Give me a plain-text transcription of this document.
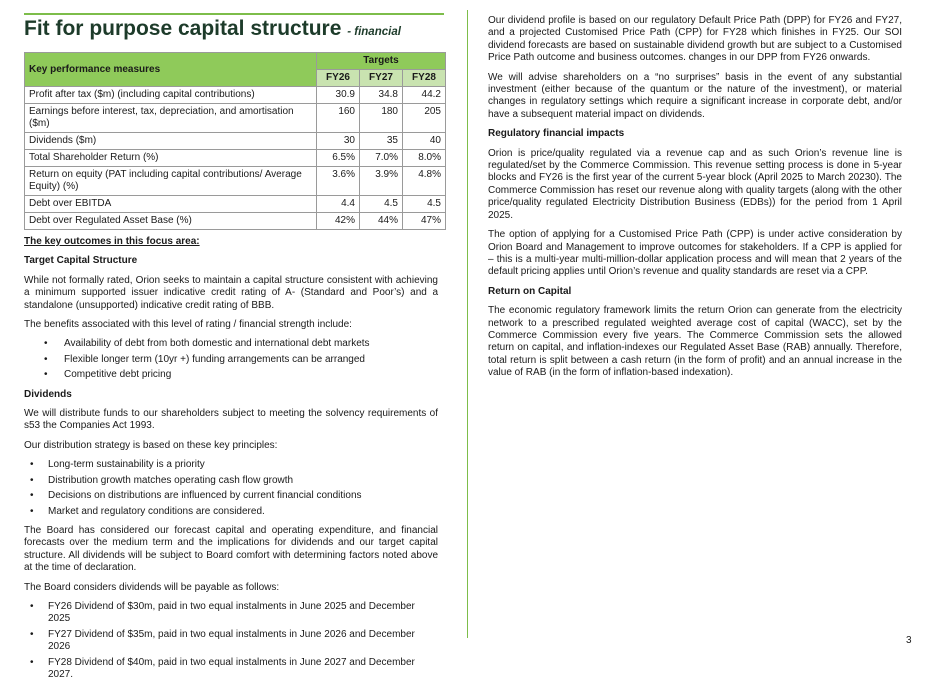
Fit for purpose capital structure - financial
Key performance measures	Targets		
	FY26	FY27	FY28
Profit after tax ($m) (including capital contributions)	30.9	34.8	44.2
Earnings before interest, tax, depreciation, and amortisation ($m)	160	180	205
Dividends ($m)	30	35	40
Total Shareholder Return (%)	6.5%	7.0%	8.0%
Return on equity (PAT including capital contributions/ Average Equity) (%)	3.6%	3.9%	4.8%
Debt over EBITDA	4.4	4.5	4.5
Debt over Regulated Asset Base (%)	42%	44%	47%

The key outcomes in this focus area:

Target Capital Structure

While not formally rated, Orion seeks to maintain a capital structure consistent with achieving a minimum supported issuer indicative credit rating of A- (Standard and Poor’s) and a standalone (unsupported) indicative credit rating of BBB.

The benefits associated with this level of rating / financial strength include:

• Availability of debt from both domestic and international debt markets
• Flexible longer term (10yr +) funding arrangements can be arranged
• Competitive debt pricing

Dividends

We will distribute funds to our shareholders subject to meeting the solvency requirements of s53 the Companies Act 1993.

Our distribution strategy is based on these key principles:

• Long-term sustainability is a priority
• Distribution growth matches operating cash flow growth
• Decisions on distributions are influenced by current financial conditions
• Market and regulatory conditions are considered.

The Board has considered our forecast capital and operating expenditure, and financial forecasts over the medium term and the implications for dividends and our target capital structure. All dividends will be subject to Board comfort with determining factors noted above at the time of declaration.

The Board considers dividends will be payable as follows:

• FY26 Dividend of $30m, paid in two equal instalments in June 2025 and December 2025
• FY27 Dividend of $35m, paid in two equal instalments in June 2026 and December 2026
• FY28 Dividend of $40m, paid in two equal instalments in June 2027 and December 2027.

Our dividend profile is based on our regulatory Default Price Path (DPP) for FY26 and FY27, and a projected Customised Price Path (CPP) for FY28 which finishes in FY25. Our SOI dividend forecasts are based on sustainable dividend growth but are subject to a Customised Price Path outcome and business outcomes. changes in our DPP from FY26 onwards.

We will advise shareholders on a “no surprises” basis in the event of any substantial investment (either because of the quantum or the nature of the investment), or material changes in regulatory settings which require a significant increase in corporate debt, and/or have a subsequent material impact on dividends.

Regulatory financial impacts

Orion is price/quality regulated via a revenue cap and as such Orion’s revenue line is regulated/set by the Commerce Commission. This revenue setting process is done in 5-year blocks and FY26 is the first year of the current 5-year block (April 2025 to March 20230). The Commerce Commission has reset our revenue along with quality targets (along with the other price/quality regulated Electricity Distribution Business (EDBs)) for the period from 1 April 2025.

The option of applying for a Customised Price Path (CPP) is under active consideration by Orion Board and Management to improve outcomes for stakeholders. If a CPP is applied for – this is a multi-year multi-million-dollar application process and will mean that 2 years of the default pricing applies until Orion’s revenue and quality standards are reset via a CPP.

Return on Capital

The economic regulatory framework limits the return Orion can generate from the electricity network to a prescribed regulated weighted average cost of capital (WACC), set by the Commerce Commission every five years. The Commerce Commission sets the allowed return on capital, and inflation-indexes our Regulated Asset Base (RAB) annually. Therefore, total return is split between a cash return (in the form of profit) and an annual increase in the value of RAB (in the form of inflation-based indexation).

3
